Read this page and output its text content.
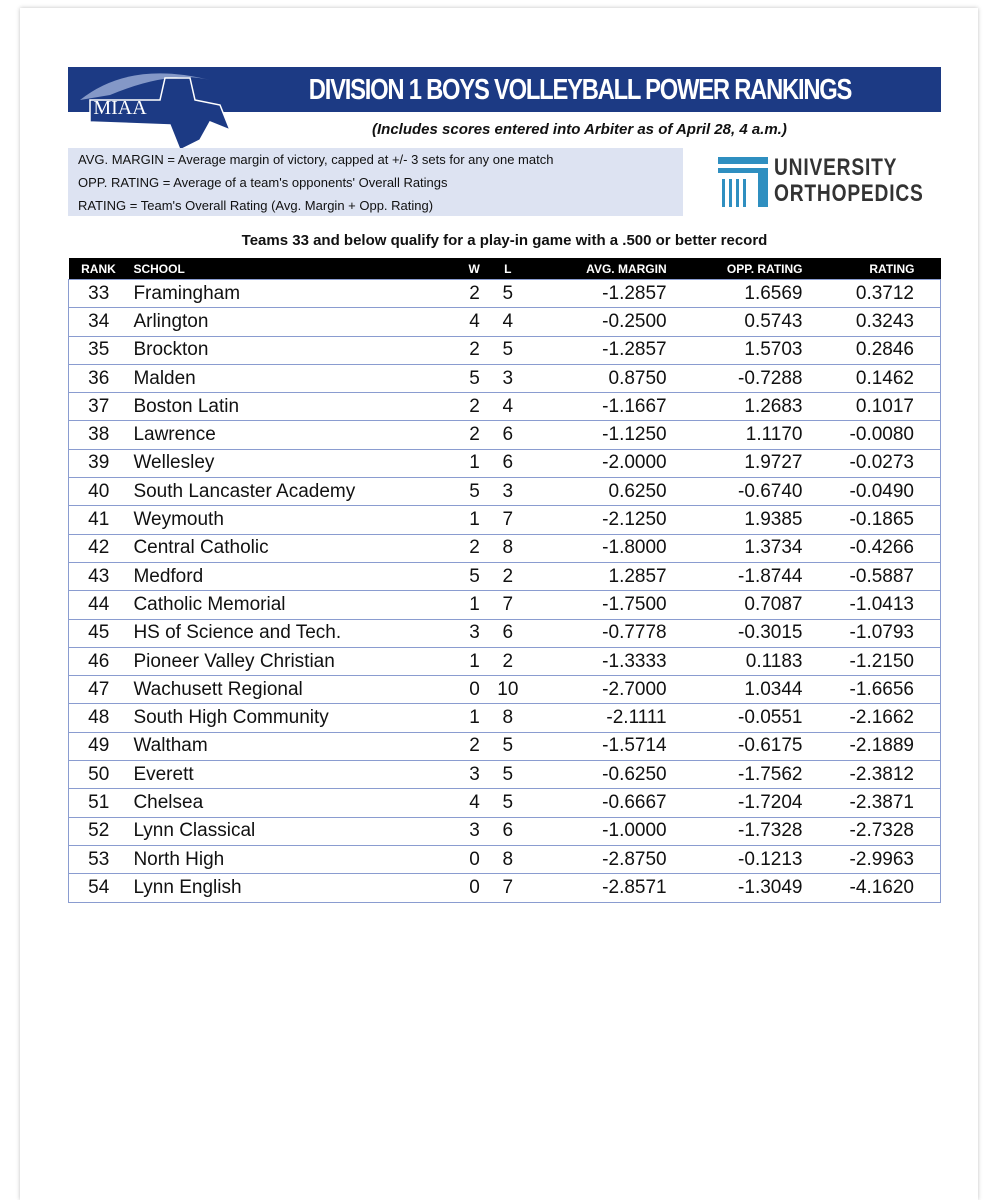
MIAA
DIVISION 1 BOYS VOLLEYBALL POWER RANKINGS
(Includes scores entered into Arbiter as of April 28, 4 a.m.)
AVG. MARGIN = Average margin of victory, capped at +/- 3 sets for any one match
OPP. RATING = Average of a team's opponents' Overall Ratings
RATING = Team's Overall Rating (Avg. Margin + Opp. Rating)
UNIVERSITY
ORTHOPEDICS
Teams 33 and below qualify for a play-in game with a .500 or better record
RANK	SCHOOL	W	L	AVG. MARGIN	OPP. RATING	RATING
33	Framingham	2	5	-1.2857	1.6569	0.3712
34	Arlington	4	4	-0.2500	0.5743	0.3243
35	Brockton	2	5	-1.2857	1.5703	0.2846
36	Malden	5	3	0.8750	-0.7288	0.1462
37	Boston Latin	2	4	-1.1667	1.2683	0.1017
38	Lawrence	2	6	-1.1250	1.1170	-0.0080
39	Wellesley	1	6	-2.0000	1.9727	-0.0273
40	South Lancaster Academy	5	3	0.6250	-0.6740	-0.0490
41	Weymouth	1	7	-2.1250	1.9385	-0.1865
42	Central Catholic	2	8	-1.8000	1.3734	-0.4266
43	Medford	5	2	1.2857	-1.8744	-0.5887
44	Catholic Memorial	1	7	-1.7500	0.7087	-1.0413
45	HS of Science and Tech.	3	6	-0.7778	-0.3015	-1.0793
46	Pioneer Valley Christian	1	2	-1.3333	0.1183	-1.2150
47	Wachusett Regional	0	10	-2.7000	1.0344	-1.6656
48	South High Community	1	8	-2.1111	-0.0551	-2.1662
49	Waltham	2	5	-1.5714	-0.6175	-2.1889
50	Everett	3	5	-0.6250	-1.7562	-2.3812
51	Chelsea	4	5	-0.6667	-1.7204	-2.3871
52	Lynn Classical	3	6	-1.0000	-1.7328	-2.7328
53	North High	0	8	-2.8750	-0.1213	-2.9963
54	Lynn English	0	7	-2.8571	-1.3049	-4.1620
